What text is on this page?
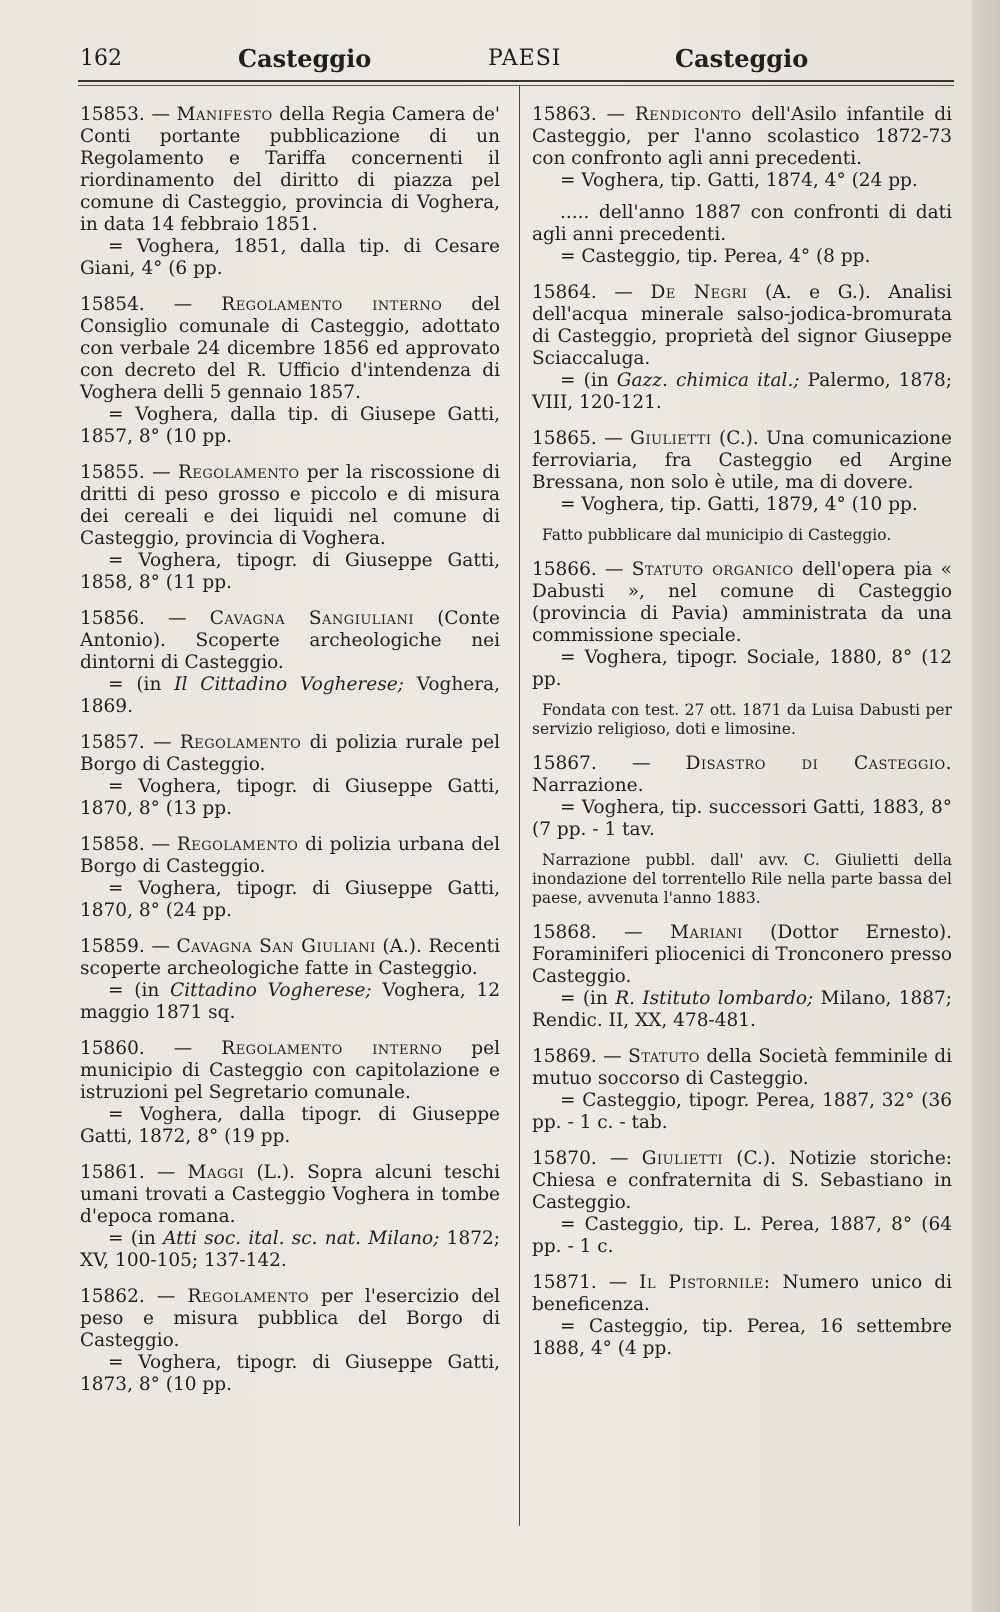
162	Casteggio	PAESI	Casteggio

15853. — Manifesto della Regia Camera de' Conti portante pubblicazione di un Regolamento e Tariffa concernenti il riordinamento del diritto di piazza pel comune di Casteggio, provincia di Voghera, in data 14 febbraio 1851.

= Voghera, 1851, dalla tip. di Cesare Giani, 4° (6 pp.

15854. — Regolamento interno del Consiglio comunale di Casteggio, adottato con verbale 24 dicembre 1856 ed approvato con decreto del R. Ufficio d'intendenza di Voghera delli 5 gennaio 1857.

= Voghera, dalla tip. di Giusepe Gatti, 1857, 8° (10 pp.

15855. — Regolamento per la riscossione di dritti di peso grosso e piccolo e di misura dei cereali e dei liquidi nel comune di Casteggio, provincia di Voghera.

= Voghera, tipogr. di Giuseppe Gatti, 1858, 8° (11 pp.

15856. — Cavagna Sangiuliani (Conte Antonio). Scoperte archeologiche nei dintorni di Casteggio.

= (in Il Cittadino Vogherese; Voghera, 1869.

15857. — Regolamento di polizia rurale pel Borgo di Casteggio.

= Voghera, tipogr. di Giuseppe Gatti, 1870, 8° (13 pp.

15858. — Regolamento di polizia urbana del Borgo di Casteggio.

= Voghera, tipogr. di Giuseppe Gatti, 1870, 8° (24 pp.

15859. — Cavagna San Giuliani (A.). Recenti scoperte archeologiche fatte in Casteggio.

= (in Cittadino Vogherese; Voghera, 12 maggio 1871 sq.

15860. — Regolamento interno pel municipio di Casteggio con capitolazione e istruzioni pel Segretario comunale.

= Voghera, dalla tipogr. di Giuseppe Gatti, 1872, 8° (19 pp.

15861. — Maggi (L.). Sopra alcuni teschi umani trovati a Casteggio Voghera in tombe d'epoca romana.

= (in Atti soc. ital. sc. nat. Milano; 1872; XV, 100-105; 137-142.

15862. — Regolamento per l'esercizio del peso e misura pubblica del Borgo di Casteggio.

= Voghera, tipogr. di Giuseppe Gatti, 1873, 8° (10 pp.

15863. — Rendiconto dell'Asilo infantile di Casteggio, per l'anno scolastico 1872-73 con confronto agli anni precedenti.

= Voghera, tip. Gatti, 1874, 4° (24 pp.

..... dell'anno 1887 con confronti di dati agli anni precedenti.

= Casteggio, tip. Perea, 4° (8 pp.

15864. — De Negri (A. e G.). Analisi dell'acqua minerale salso-jodica-bromurata di Casteggio, proprietà del signor Giuseppe Sciaccaluga.

= (in Gazz. chimica ital.; Palermo, 1878; VIII, 120-121.

15865. — Giulietti (C.). Una comunicazione ferroviaria, fra Casteggio ed Argine Bressana, non solo è utile, ma di dovere.

= Voghera, tip. Gatti, 1879, 4° (10 pp.

Fatto pubblicare dal municipio di Casteggio.

15866. — Statuto organico dell'opera pia « Dabusti », nel comune di Casteggio (provincia di Pavia) amministrata da una commissione speciale.

= Voghera, tipogr. Sociale, 1880, 8° (12 pp.

Fondata con test. 27 ott. 1871 da Luisa Dabusti per servizio religioso, doti e limosine.

15867. — Disastro di Casteggio. Narrazione.

= Voghera, tip. successori Gatti, 1883, 8° (7 pp. - 1 tav.

Narrazione pubbl. dall' avv. C. Giulietti della inondazione del torrentello Rile nella parte bassa del paese, avvenuta l'anno 1883.

15868. — Mariani (Dottor Ernesto). Foraminiferi pliocenici di Tronconero presso Casteggio.

= (in R. Istituto lombardo; Milano, 1887; Rendic. II, XX, 478-481.

15869. — Statuto della Società femminile di mutuo soccorso di Casteggio.

= Casteggio, tipogr. Perea, 1887, 32° (36 pp. - 1 c. - tab.

15870. — Giulietti (C.). Notizie storiche: Chiesa e confraternita di S. Sebastiano in Casteggio.

= Casteggio, tip. L. Perea, 1887, 8° (64 pp. - 1 c.

15871. — Il Pistornile: Numero unico di beneficenza.

= Casteggio, tip. Perea, 16 settembre 1888, 4° (4 pp.
